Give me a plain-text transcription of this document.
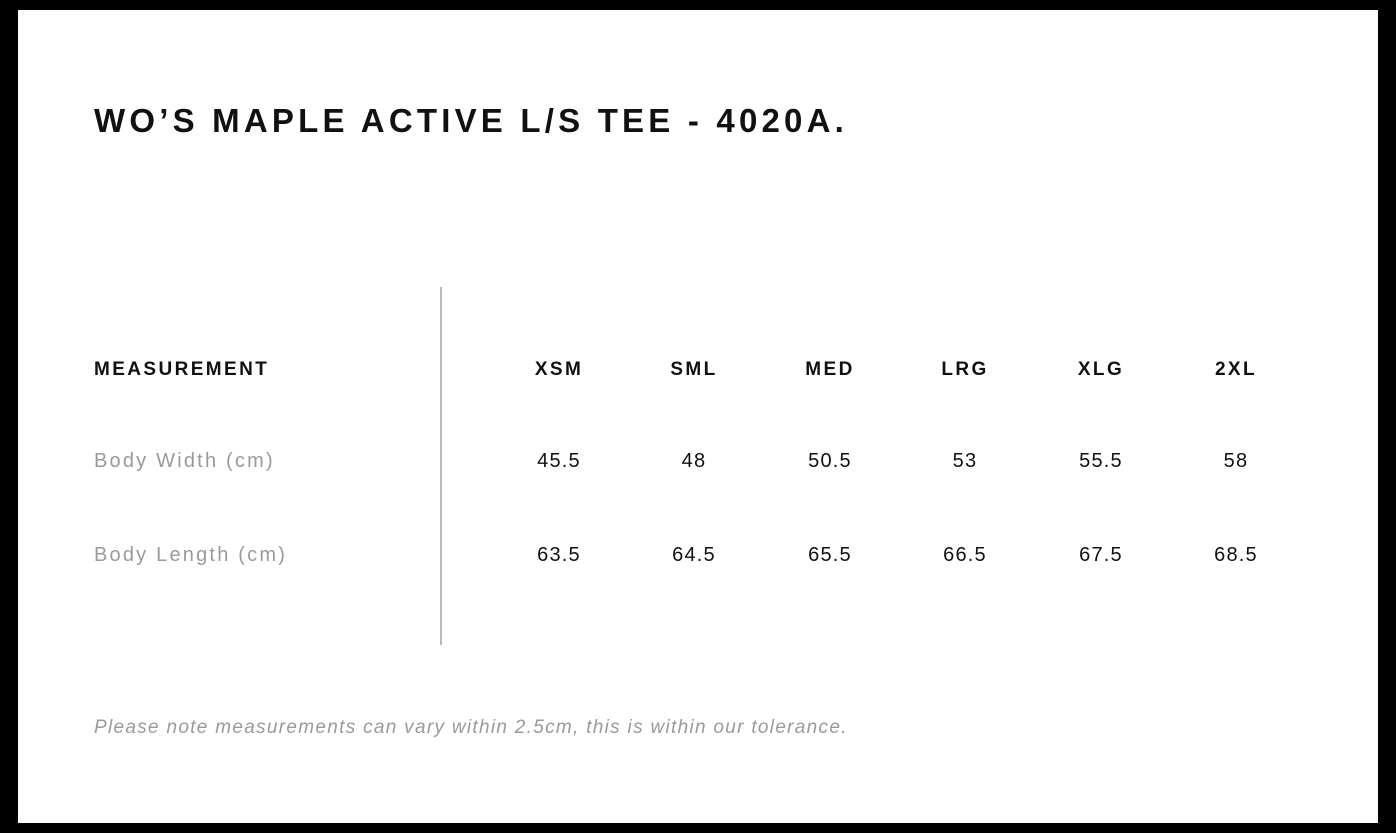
WO’S MAPLE ACTIVE L/S TEE - 4020A.
MEASUREMENT	XSM	SML	MED	LRG	XLG	2XL
Body Width (cm)	45.5	48	50.5	53	55.5	58
Body Length (cm)	63.5	64.5	65.5	66.5	67.5	68.5
Please note measurements can vary within 2.5cm, this is within our tolerance.
